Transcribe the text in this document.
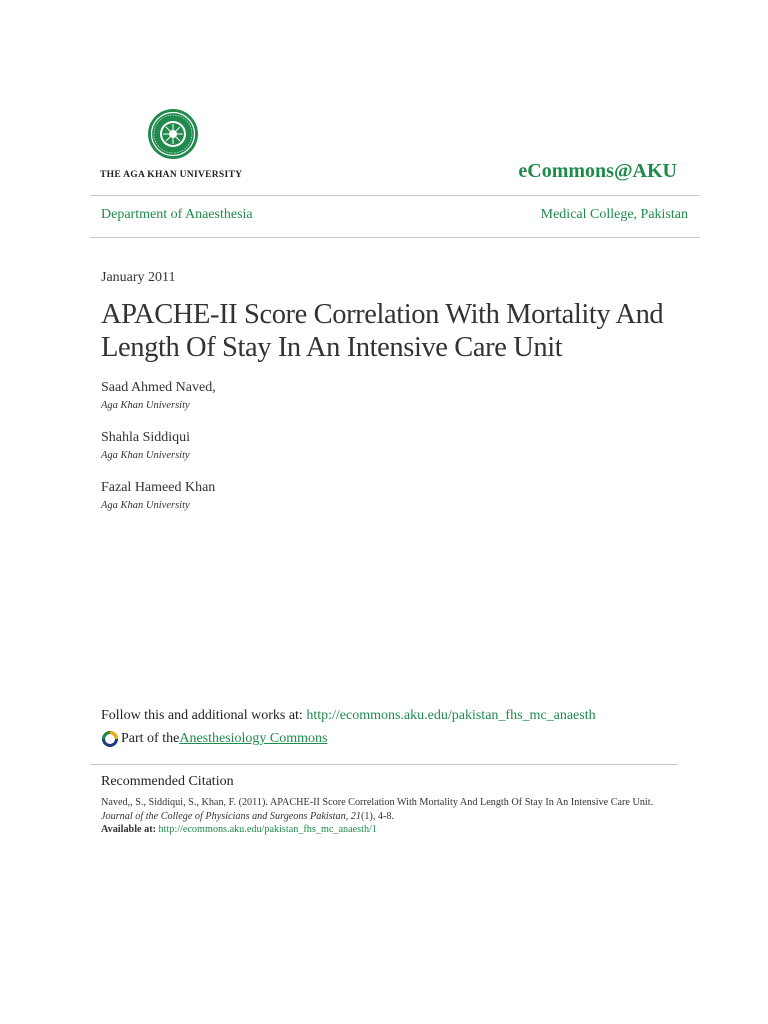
THE AGA KHAN UNIVERSITY	eCommons@AKU
Department of Anaesthesia	Medical College, Pakistan
January 2011
APACHE-II Score Correlation With Mortality And Length Of Stay In An Intensive Care Unit
Saad Ahmed Naved,
Aga Khan University
Shahla Siddiqui
Aga Khan University
Fazal Hameed Khan
Aga Khan University
Follow this and additional works at: http://ecommons.aku.edu/pakistan_fhs_mc_anaesth
Part of the Anesthesiology Commons
Recommended Citation
Naved,, S., Siddiqui, S., Khan, F. (2011). APACHE-II Score Correlation With Mortality And Length Of Stay In An Intensive Care Unit. Journal of the College of Physicians and Surgeons Pakistan, 21(1), 4-8.
Available at: http://ecommons.aku.edu/pakistan_fhs_mc_anaesth/1
